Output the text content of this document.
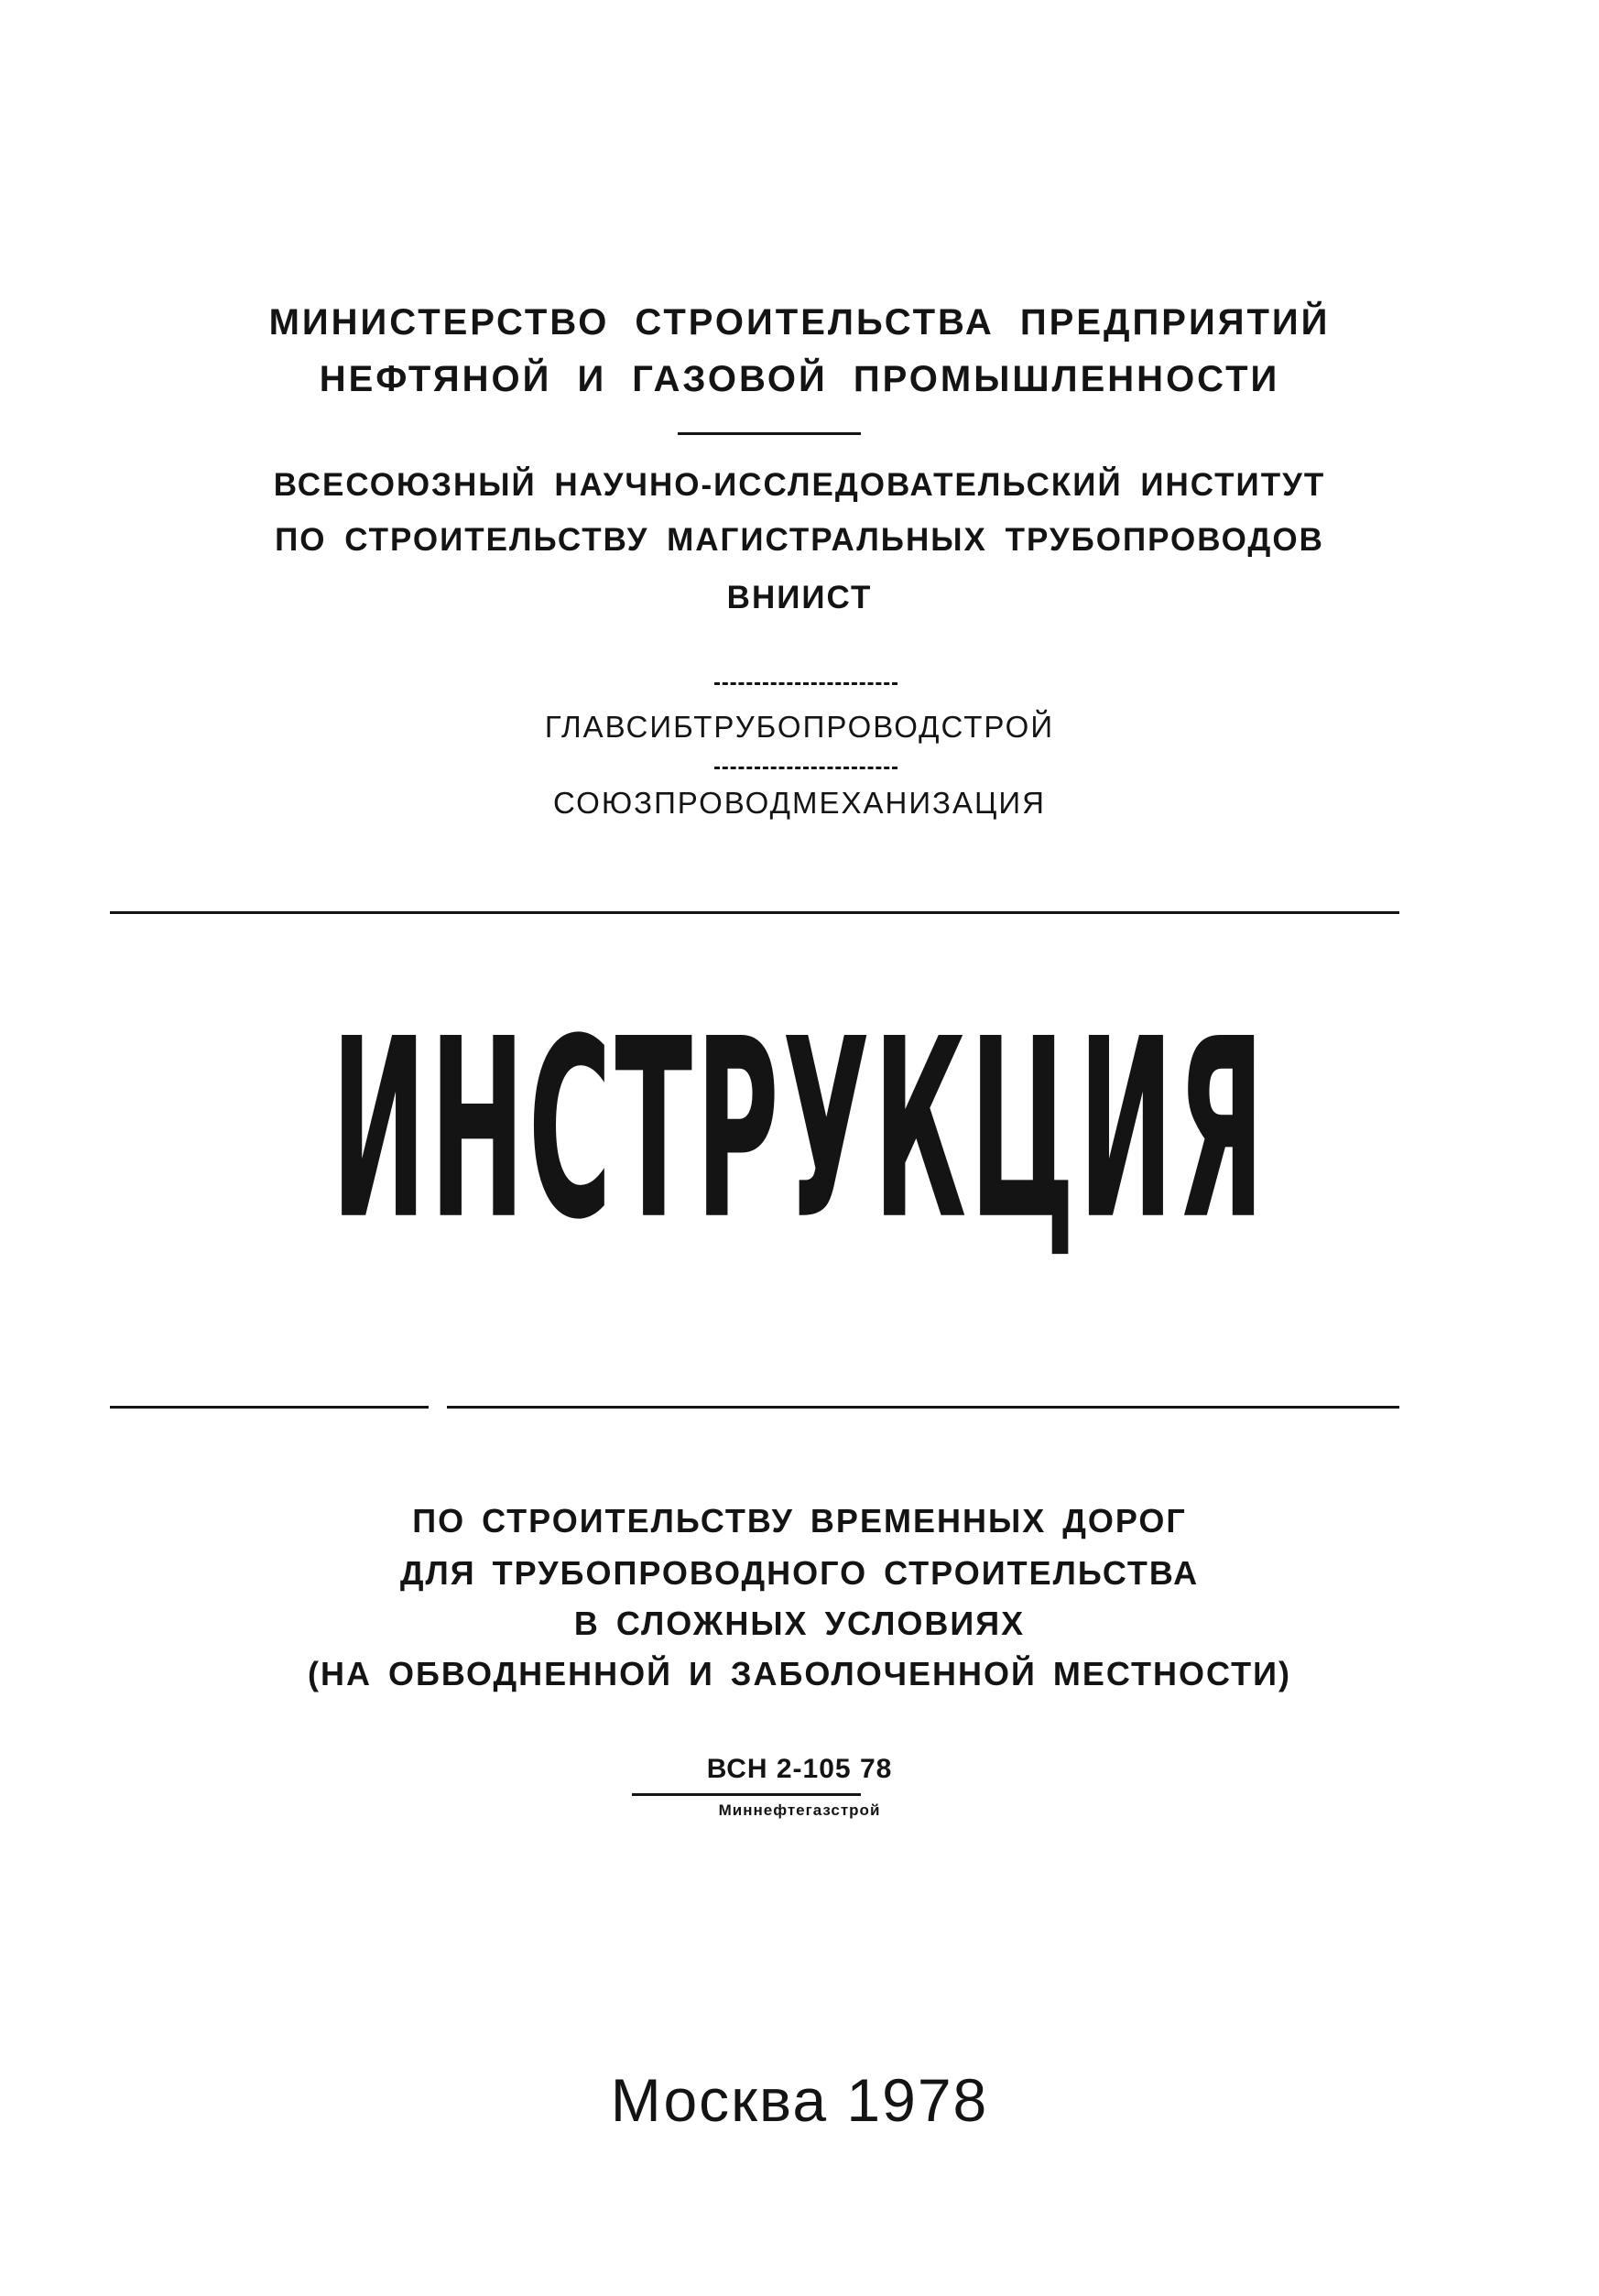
МИНИСТЕРСТВО СТРОИТЕЛЬСТВА ПРЕДПРИЯТИЙ
НЕФТЯНОЙ И ГАЗОВОЙ ПРОМЫШЛЕННОСТИ
ВСЕСОЮЗНЫЙ НАУЧНО-ИССЛЕДОВАТЕЛЬСКИЙ ИНСТИТУТ
ПО СТРОИТЕЛЬСТВУ МАГИСТРАЛЬНЫХ ТРУБОПРОВОДОВ
ВНИИСТ
ГЛАВСИБТРУБОПРОВОДСТРОЙ
СОЮЗПРОВОДМЕХАНИЗАЦИЯ
ИНСТРУКЦИЯ
ПО СТРОИТЕЛЬСТВУ ВРЕМЕННЫХ ДОРОГ
ДЛЯ ТРУБОПРОВОДНОГО СТРОИТЕЛЬСТВА
В СЛОЖНЫХ УСЛОВИЯХ
(НА ОБВОДНЕННОЙ И ЗАБОЛОЧЕННОЙ МЕСТНОСТИ)
ВСН 2-105 78
Миннефтегазстрой
Москва 1978
